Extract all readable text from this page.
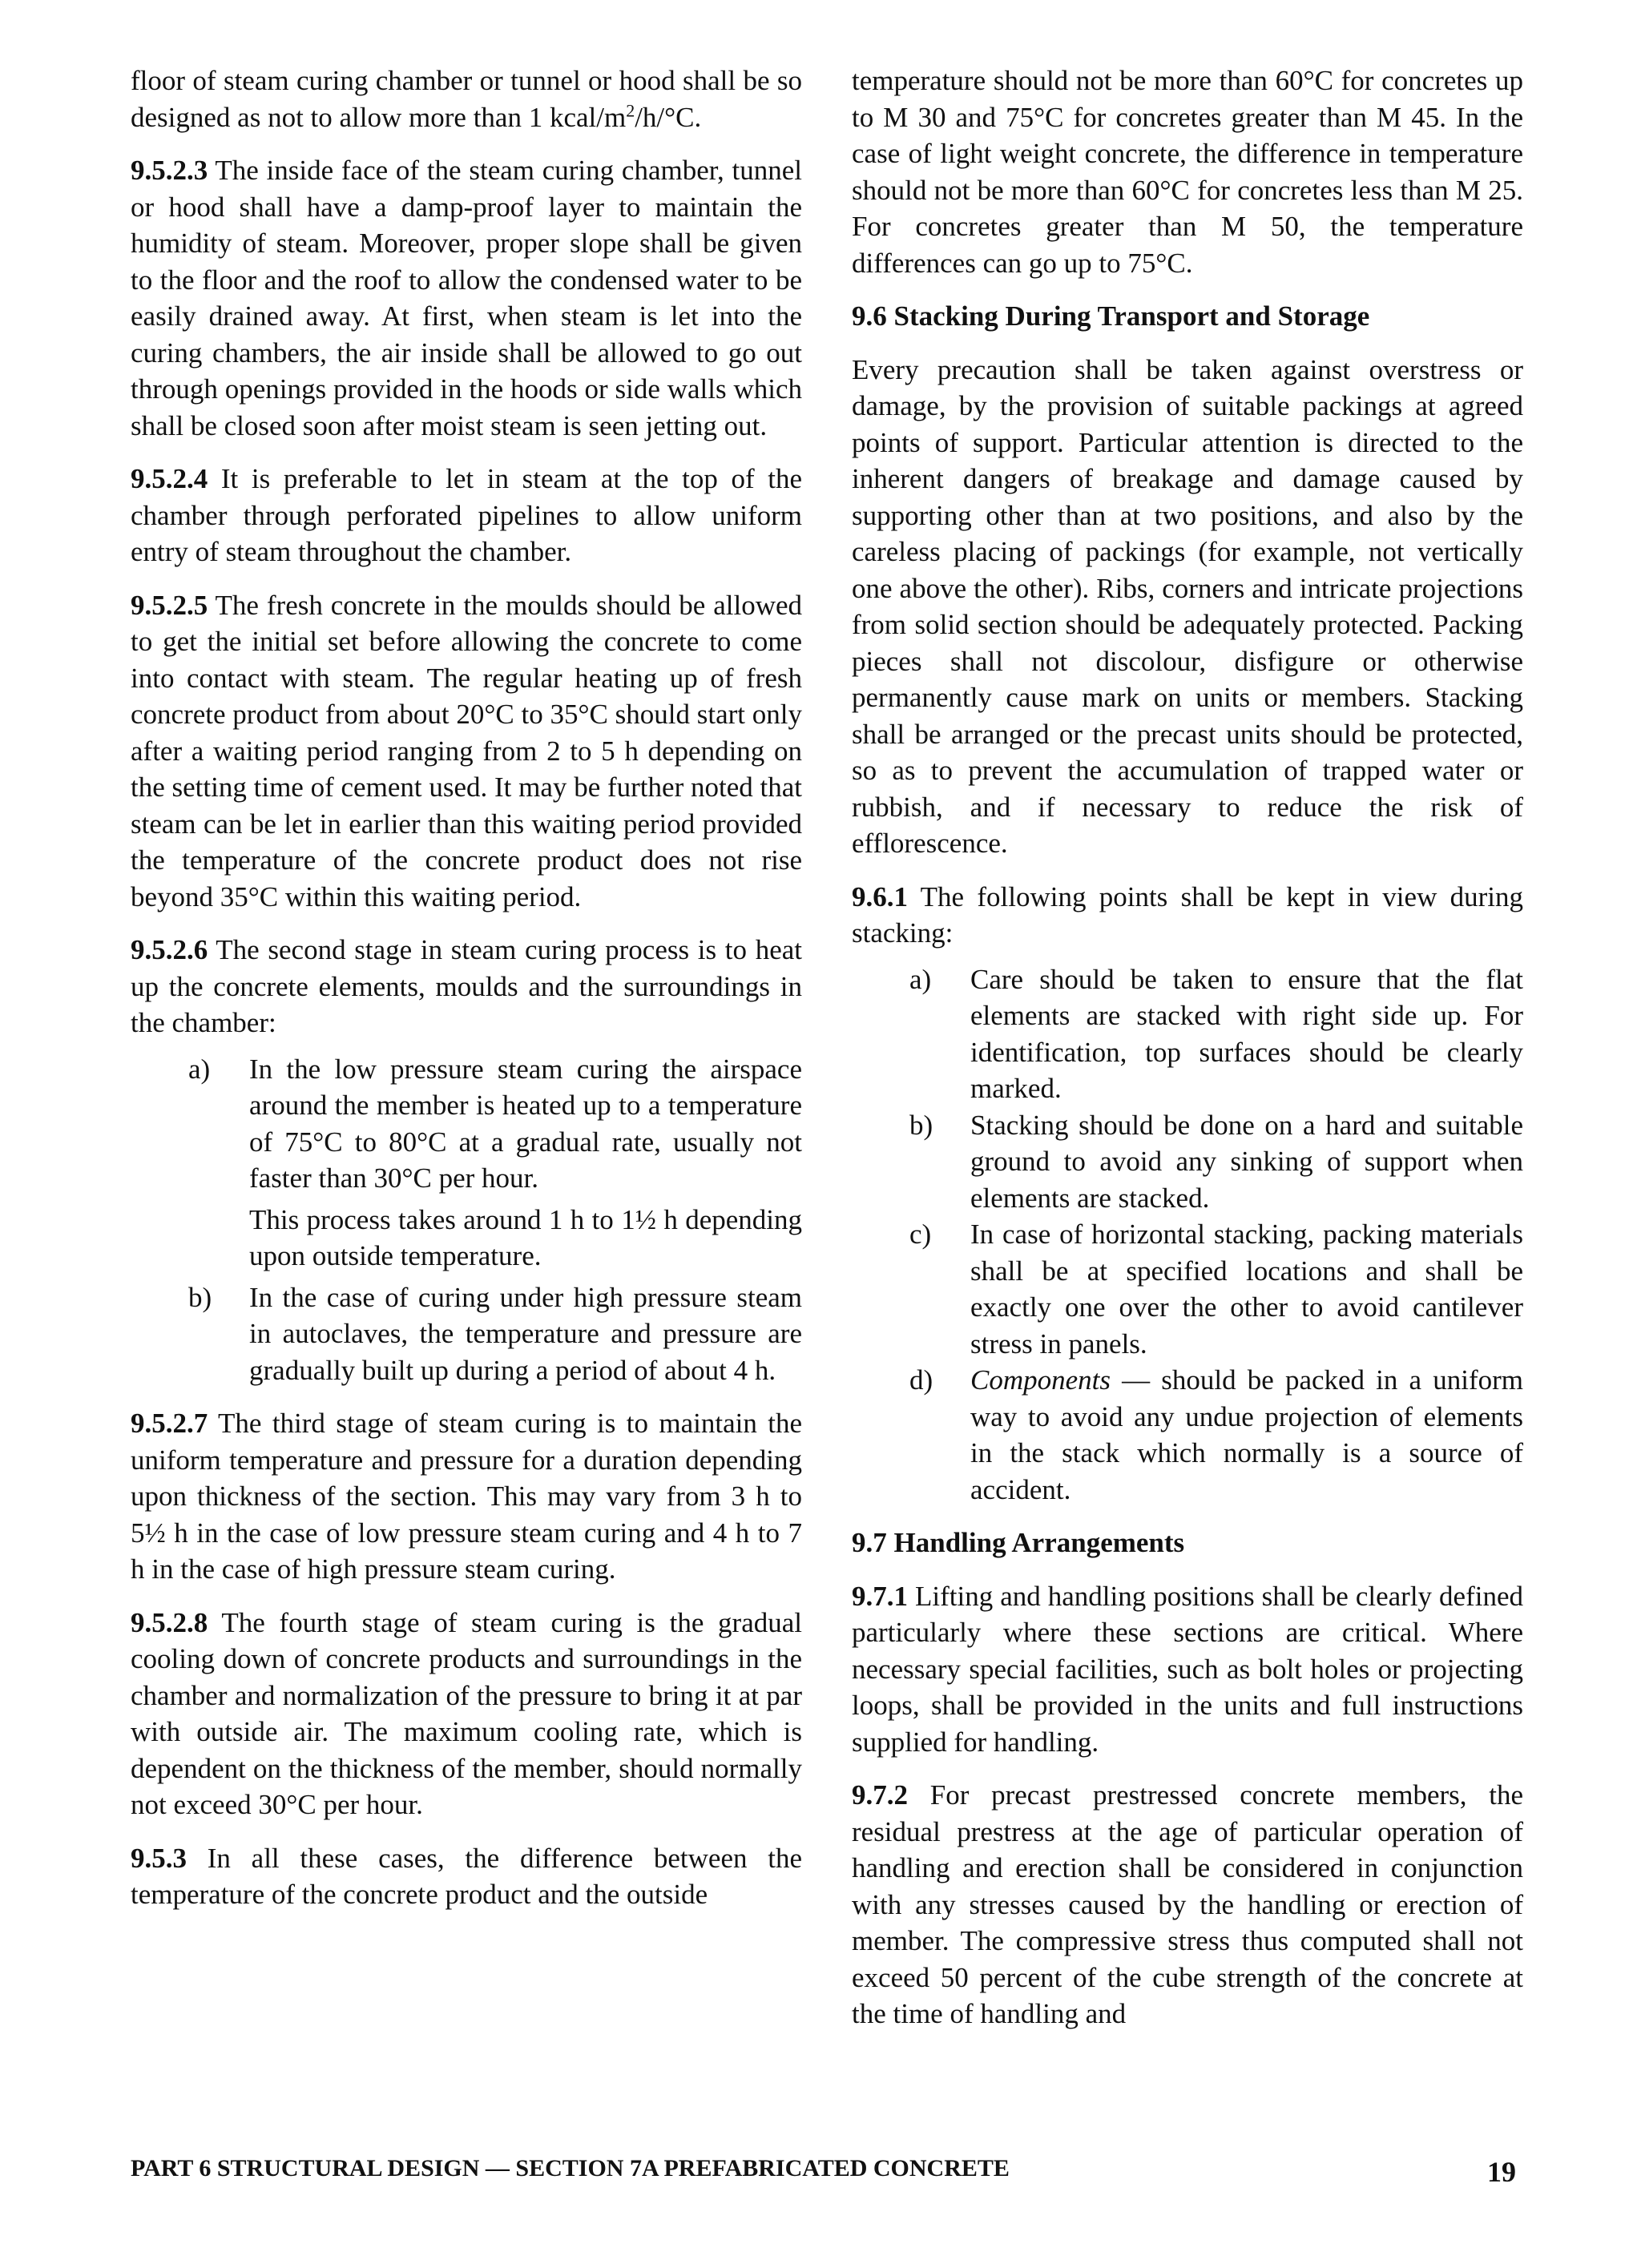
floor of steam curing chamber or tunnel or hood shall be so designed as not to allow more than 1 kcal/$m^2/h/^\circ C$.

9.5.2.3 The inside face of the steam curing chamber, tunnel or hood shall have a damp-proof layer to maintain the humidity of steam. Moreover, proper slope shall be given to the floor and the roof to allow the condensed water to be easily drained away. At first, when steam is let into the curing chambers, the air inside shall be allowed to go out through openings provided in the hoods or side walls which shall be closed soon after moist steam is seen jetting out.

9.5.2.4 It is preferable to let in steam at the top of the chamber through perforated pipelines to allow uniform entry of steam throughout the chamber.

9.5.2.5 The fresh concrete in the moulds should be allowed to get the initial set before allowing the concrete to come into contact with steam. The regular heating up of fresh concrete product from about 20°C to 35°C should start only after a waiting period ranging from 2 to 5 h depending on the setting time of cement used. It may be further noted that steam can be let in earlier than this waiting period provided the temperature of the concrete product does not rise beyond 35°C within this waiting period.

9.5.2.6 The second stage in steam curing process is to heat up the concrete elements, moulds and the surroundings in the chamber:

a)	In the low pressure steam curing the airspace around the member is heated up to a temperature of 75°C to 80°C at a gradual rate, usually not faster than 30°C per hour.
This process takes around 1 h to 1½ h depending upon outside temperature.
b)	In the case of curing under high pressure steam in autoclaves, the temperature and pressure are gradually built up during a period of about 4 h.

9.5.2.7 The third stage of steam curing is to maintain the uniform temperature and pressure for a duration depending upon thickness of the section. This may vary from 3 h to 5½ h in the case of low pressure steam curing and 4 h to 7 h in the case of high pressure steam curing.

9.5.2.8 The fourth stage of steam curing is the gradual cooling down of concrete products and surroundings in the chamber and normalization of the pressure to bring it at par with outside air. The maximum cooling rate, which is dependent on the thickness of the member, should normally not exceed 30°C per hour.

9.5.3 In all these cases, the difference between the temperature of the concrete product and the outside

temperature should not be more than 60°C for concretes up to M 30 and 75°C for concretes greater than M 45. In the case of light weight concrete, the difference in temperature should not be more than 60°C for concretes less than M 25. For concretes greater than M 50, the temperature differences can go up to 75°C.

9.6 Stacking During Transport and Storage

Every precaution shall be taken against overstress or damage, by the provision of suitable packings at agreed points of support. Particular attention is directed to the inherent dangers of breakage and damage caused by supporting other than at two positions, and also by the careless placing of packings (for example, not vertically one above the other). Ribs, corners and intricate projections from solid section should be adequately protected. Packing pieces shall not discolour, disfigure or otherwise permanently cause mark on units or members. Stacking shall be arranged or the precast units should be protected, so as to prevent the accumulation of trapped water or rubbish, and if necessary to reduce the risk of efflorescence.

9.6.1 The following points shall be kept in view during stacking:

a)	Care should be taken to ensure that the flat elements are stacked with right side up. For identification, top surfaces should be clearly marked.
b)	Stacking should be done on a hard and suitable ground to avoid any sinking of support when elements are stacked.
c)	In case of horizontal stacking, packing materials shall be at specified locations and shall be exactly one over the other to avoid cantilever stress in panels.
d)	Components — should be packed in a uniform way to avoid any undue projection of elements in the stack which normally is a source of accident.
9.7 Handling Arrangements

9.7.1 Lifting and handling positions shall be clearly defined particularly where these sections are critical. Where necessary special facilities, such as bolt holes or projecting loops, shall be provided in the units and full instructions supplied for handling.

9.7.2 For precast prestressed concrete members, the residual prestress at the age of particular operation of handling and erection shall be considered in conjunction with any stresses caused by the handling or erection of member. The compressive stress thus computed shall not exceed 50 percent of the cube strength of the concrete at the time of handling and

PART 6 STRUCTURAL DESIGN — SECTION 7A PREFABRICATED CONCRETE	19
